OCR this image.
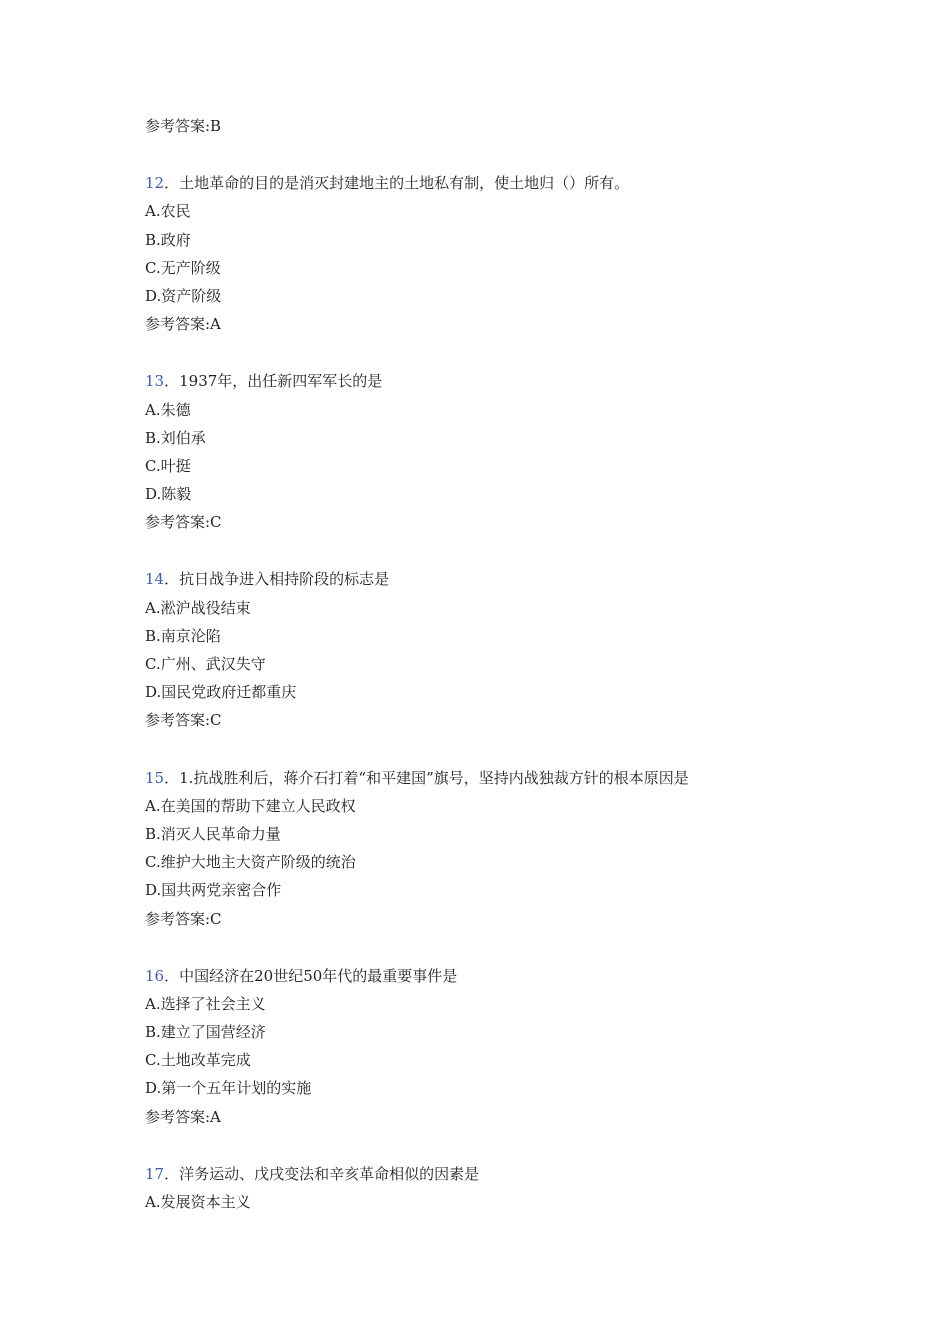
参考答案:B
12．土地革命的目的是消灭封建地主的土地私有制，使土地归（）所有。
A.农民
B.政府
C.无产阶级
D.资产阶级
参考答案:A
13．1937年，出任新四军军长的是
A.朱德
B.刘伯承
C.叶挺
D.陈毅
参考答案:C
14．抗日战争进入相持阶段的标志是
A.淞沪战役结束
B.南京沦陷
C.广州、武汉失守
D.国民党政府迁都重庆
参考答案:C
15．1.抗战胜利后，蒋介石打着“和平建国”旗号，坚持内战独裁方针的根本原因是
A.在美国的帮助下建立人民政权
B.消灭人民革命力量
C.维护大地主大资产阶级的统治
D.国共两党亲密合作
参考答案:C
16．中国经济在20世纪50年代的最重要事件是
A.选择了社会主义
B.建立了国营经济
C.土地改革完成
D.第一个五年计划的实施
参考答案:A
17．洋务运动、戊戌变法和辛亥革命相似的因素是
A.发展资本主义
